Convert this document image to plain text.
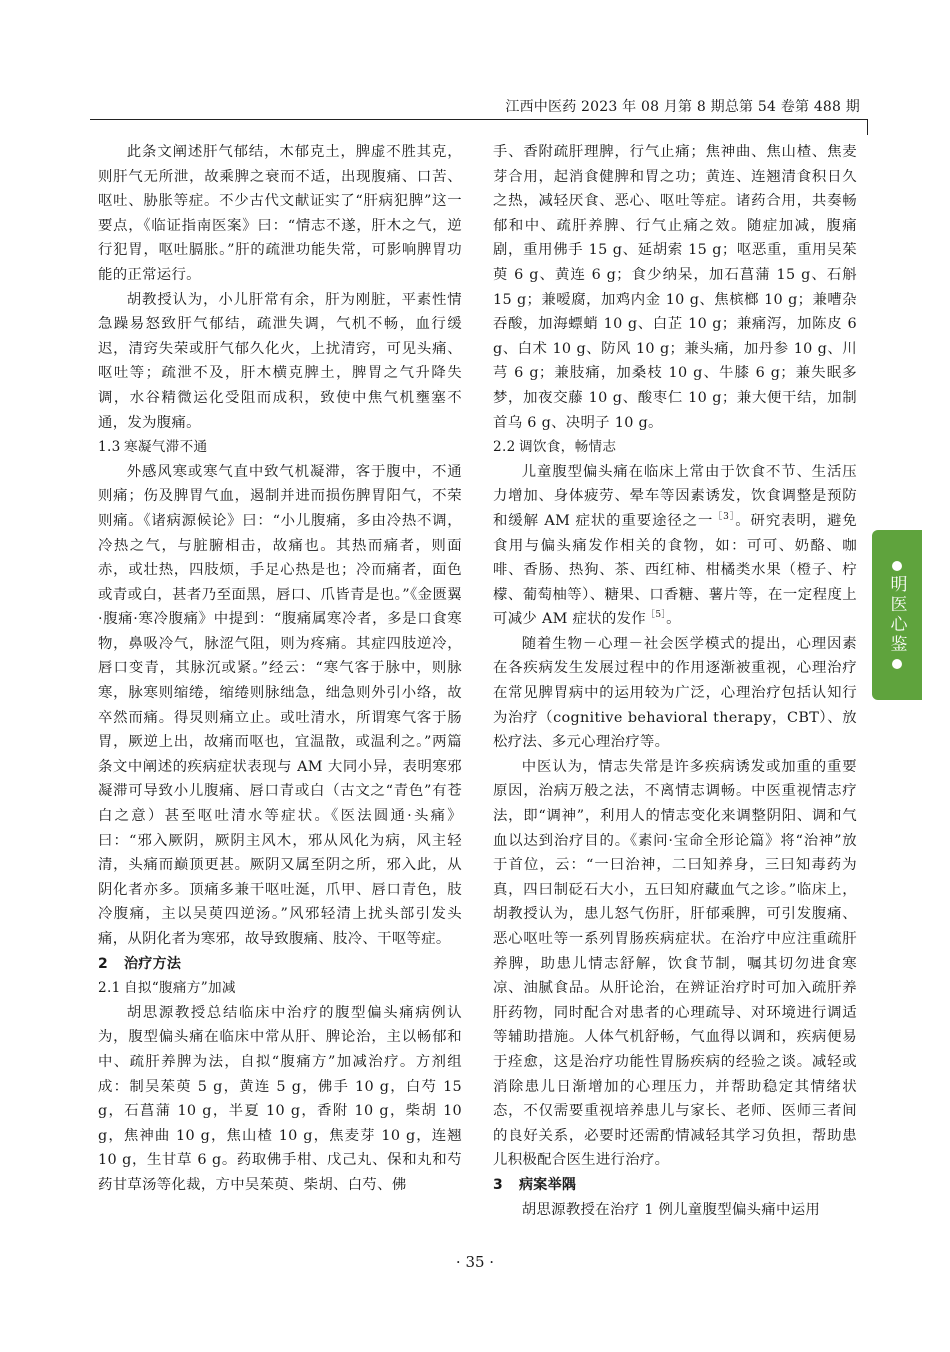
江西中医药 2023 年 08 月第 8 期总第 54 卷第 488 期

此条文阐述肝气郁结，木郁克土，脾虚不胜其克，则肝气无所泄，故乘脾之衰而不适，出现腹痛、口苦、呕吐、胁胀等症。不少古代文献证实了“肝病犯脾”这一要点，《临证指南医案》曰：“情志不遂，肝木之气，逆行犯胃，呕吐膈胀。”肝的疏泄功能失常，可影响脾胃功能的正常运行。

胡教授认为，小儿肝常有余，肝为刚脏，平素性情急躁易怒致肝气郁结，疏泄失调，气机不畅，血行缓迟，清窍失荣或肝气郁久化火，上扰清窍，可见头痛、呕吐等；疏泄不及，肝木横克脾土，脾胃之气升降失调，水谷精微运化受阻而成积，致使中焦气机壅塞不通，发为腹痛。

1.3 寒凝气滞不通

外感风寒或寒气直中致气机凝滞，客于腹中，不通则痛；伤及脾胃气血，遏制并进而损伤脾胃阳气，不荣则痛。《诸病源候论》曰：“小儿腹痛，多由冷热不调，冷热之气，与脏腑相击，故痛也。其热而痛者，则面赤，或壮热，四肢烦，手足心热是也；冷而痛者，面色或青或白，甚者乃至面黑，唇口、爪皆青是也。”《金匮翼·腹痛·寒冷腹痛》中提到：“腹痛属寒冷者，多是口食寒物，鼻吸冷气，脉涩气阻，则为疼痛。其症四肢逆冷，唇口变青，其脉沉或紧。”经云：“寒气客于脉中，则脉寒，脉寒则缩绻，缩绻则脉绌急，绌急则外引小络，故卒然而痛。得炅则痛立止。或吐清水，所谓寒气客于肠胃，厥逆上出，故痛而呕也，宜温散，或温利之。”两篇条文中阐述的疾病症状表现与 AM 大同小异，表明寒邪凝滞可导致小儿腹痛、唇口青或白（古文之“青色”有苍白之意）甚至呕吐清水等症状。《医法圆通·头痛》曰：“邪入厥阴，厥阴主风木，邪从风化为病，风主轻清，头痛而巅顶更甚。厥阴又属至阴之所，邪入此，从阴化者亦多。顶痛多兼干呕吐涎，爪甲、唇口青色，肢冷腹痛，主以吴萸四逆汤。”风邪轻清上扰头部引发头痛，从阴化者为寒邪，故导致腹痛、肢冷、干呕等症。

2 治疗方法
2.1 自拟“腹痛方”加减

胡思源教授总结临床中治疗的腹型偏头痛病例认为，腹型偏头痛在临床中常从肝、脾论治，主以畅郁和中、疏肝养脾为法，自拟“腹痛方”加减治疗。方剂组成：制吴茱萸 5 g，黄连 5 g，佛手 10 g，白芍 15 g，石菖蒲 10 g，半夏 10 g，香附 10 g，柴胡 10 g，焦神曲 10 g，焦山楂 10 g，焦麦芽 10 g，连翘 10 g，生甘草 6 g。药取佛手柑、戊己丸、保和丸和芍药甘草汤等化裁，方中吴茱萸、柴胡、白芍、佛

手、香附疏肝理脾，行气止痛；焦神曲、焦山楂、焦麦芽合用，起消食健脾和胃之功；黄连、连翘清食积日久之热，减轻厌食、恶心、呕吐等症。诸药合用，共奏畅郁和中、疏肝养脾、行气止痛之效。随症加减，腹痛剧，重用佛手 15 g、延胡索 15 g；呕恶重，重用吴茱萸 6 g、黄连 6 g；食少纳呆，加石菖蒲 15 g、石斛 15 g；兼嗳腐，加鸡内金 10 g、焦槟榔 10 g；兼嘈杂吞酸，加海螵蛸 10 g、白芷 10 g；兼痛泻，加陈皮 6 g、白术 10 g、防风 10 g；兼头痛，加丹参 10 g、川芎 6 g；兼肢痛，加桑枝 10 g、牛膝 6 g；兼失眠多梦，加夜交藤 10 g、酸枣仁 10 g；兼大便干结，加制首乌 6 g、决明子 10 g。

2.2 调饮食，畅情志

儿童腹型偏头痛在临床上常由于饮食不节、生活压力增加、身体疲劳、晕车等因素诱发，饮食调整是预防和缓解 AM 症状的重要途径之一$^{[3]}$。研究表明，避免食用与偏头痛发作相关的食物，如：可可、奶酪、咖啡、香肠、热狗、茶、西红柿、柑橘类水果（橙子、柠檬、葡萄柚等）、糖果、口香糖、薯片等，在一定程度上可减少 AM 症状的发作$^{[5]}$。

随着生物－心理－社会医学模式的提出，心理因素在各疾病发生发展过程中的作用逐渐被重视，心理治疗在常见脾胃病中的运用较为广泛，心理治疗包括认知行为治疗（cognitive behavioral therapy，CBT）、放松疗法、多元心理治疗等。

中医认为，情志失常是许多疾病诱发或加重的重要原因，治病万般之法，不离情志调畅。中医重视情志疗法，即“调神”，利用人的情志变化来调整阴阳、调和气血以达到治疗目的。《素问·宝命全形论篇》将“治神”放于首位，云：“一曰治神，二曰知养身，三曰知毒药为真，四曰制砭石大小，五曰知府藏血气之诊。”临床上，胡教授认为，患儿怒气伤肝，肝郁乘脾，可引发腹痛、恶心呕吐等一系列胃肠疾病症状。在治疗中应注重疏肝养脾，助患儿情志舒解，饮食节制，嘱其切勿进食寒凉、油腻食品。从肝论治，在辨证治疗时可加入疏肝养肝药物，同时配合对患者的心理疏导、对环境进行调适等辅助措施。人体气机舒畅，气血得以调和，疾病便易于痊愈，这是治疗功能性胃肠疾病的经验之谈。减轻或消除患儿日渐增加的心理压力，并帮助稳定其情绪状态，不仅需要重视培养患儿与家长、老师、医师三者间的良好关系，必要时还需酌情减轻其学习负担，帮助患儿积极配合医生进行治疗。

3 病案举隅

胡思源教授在治疗 1 例儿童腹型偏头痛中运用

明医心鉴
· 35 ·
